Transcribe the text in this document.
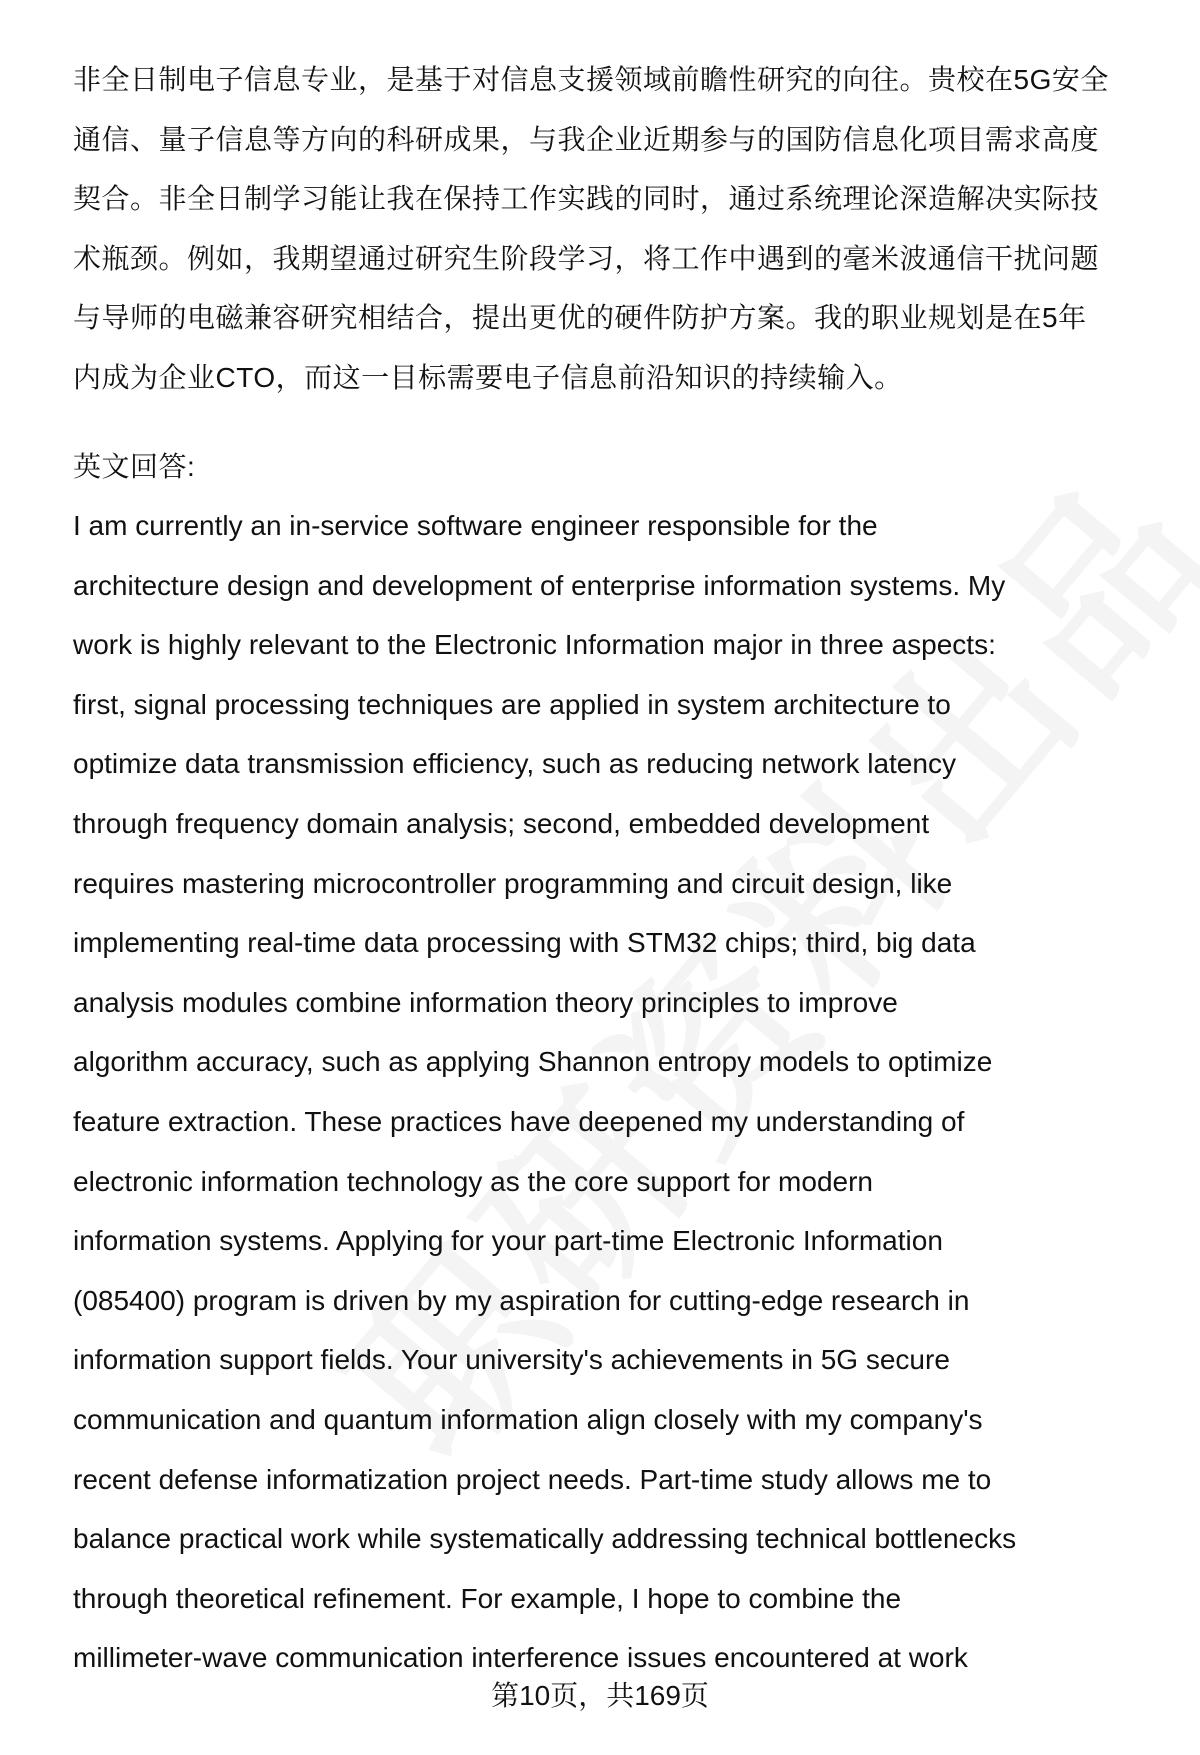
非全日制电子信息专业，是基于对信息支援领域前瞻性研究的向往。贵校在5G安全
通信、量子信息等方向的科研成果，与我企业近期参与的国防信息化项目需求高度
契合。非全日制学习能让我在保持工作实践的同时，通过系统理论深造解决实际技
术瓶颈。例如，我期望通过研究生阶段学习，将工作中遇到的毫米波通信干扰问题
与导师的电磁兼容研究相结合，提出更优的硬件防护方案。我的职业规划是在5年
内成为企业CTO，而这一目标需要电子信息前沿知识的持续输入。
英文回答:
I am currently an in-service software engineer responsible for the
architecture design and development of enterprise information systems. My
work is highly relevant to the Electronic Information major in three aspects:
first, signal processing techniques are applied in system architecture to
optimize data transmission efficiency, such as reducing network latency
through frequency domain analysis; second, embedded development
requires mastering microcontroller programming and circuit design, like
implementing real-time data processing with STM32 chips; third, big data
analysis modules combine information theory principles to improve
algorithm accuracy, such as applying Shannon entropy models to optimize
feature extraction. These practices have deepened my understanding of
electronic information technology as the core support for modern
information systems. Applying for your part-time Electronic Information
(085400) program is driven by my aspiration for cutting-edge research in
information support fields. Your university's achievements in 5G secure
communication and quantum information align closely with my company's
recent defense informatization project needs. Part-time study allows me to
balance practical work while systematically addressing technical bottlenecks
through theoretical refinement. For example, I hope to combine the
millimeter-wave communication interference issues encountered at work
第10页，共169页
